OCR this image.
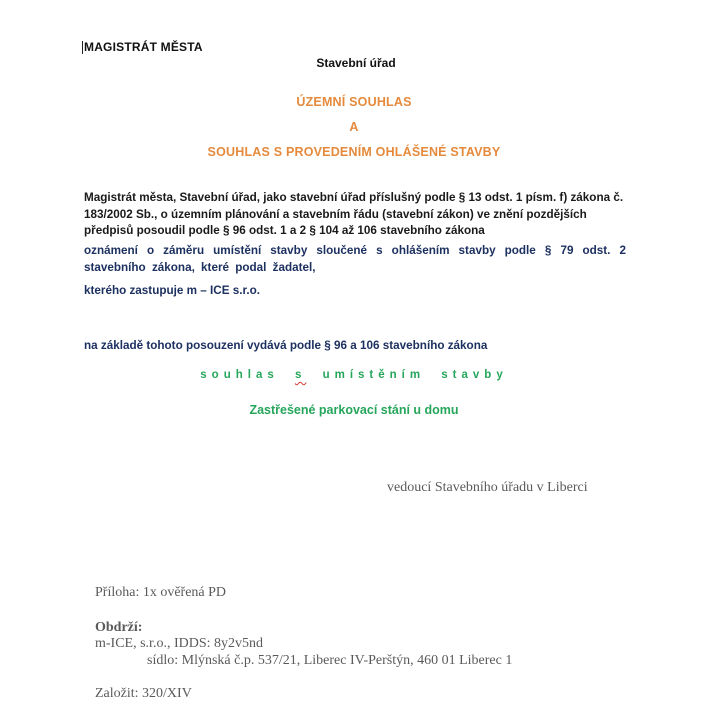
MAGISTRÁT MĚSTA
Stavební úřad
ÚZEMNÍ SOUHLAS
A
SOUHLAS S PROVEDENÍM OHLÁŠENÉ STAVBY
Magistrát města, Stavební úřad, jako stavební úřad příslušný podle § 13 odst. 1 písm. f) zákona č. 183/2002 Sb., o územním plánování a stavebním řádu (stavební zákon) ve znění pozdějších předpisů posoudil podle § 96 odst. 1 a 2 § 104 až 106 stavebního zákona
oznámení o záměru umístění stavby sloučené s ohlášením stavby podle § 79 odst. 2 stavebního zákona, které podal žadatel,
kterého zastupuje m – ICE s.r.o.
na základě tohoto posouzení vydává podle § 96 a 106 stavebního zákona
souhlas s umístěním stavby
Zastřešené parkovací stání u domu
vedoucí Stavebního úřadu v Liberci
Příloha: 1x ověřená PD
Obdrží:
m-ICE, s.r.o., IDDS: 8y2v5nd
sídlo: Mlýnská č.p. 537/21, Liberec IV-Perštýn, 460 01 Liberec 1
Založit: 320/XIV
